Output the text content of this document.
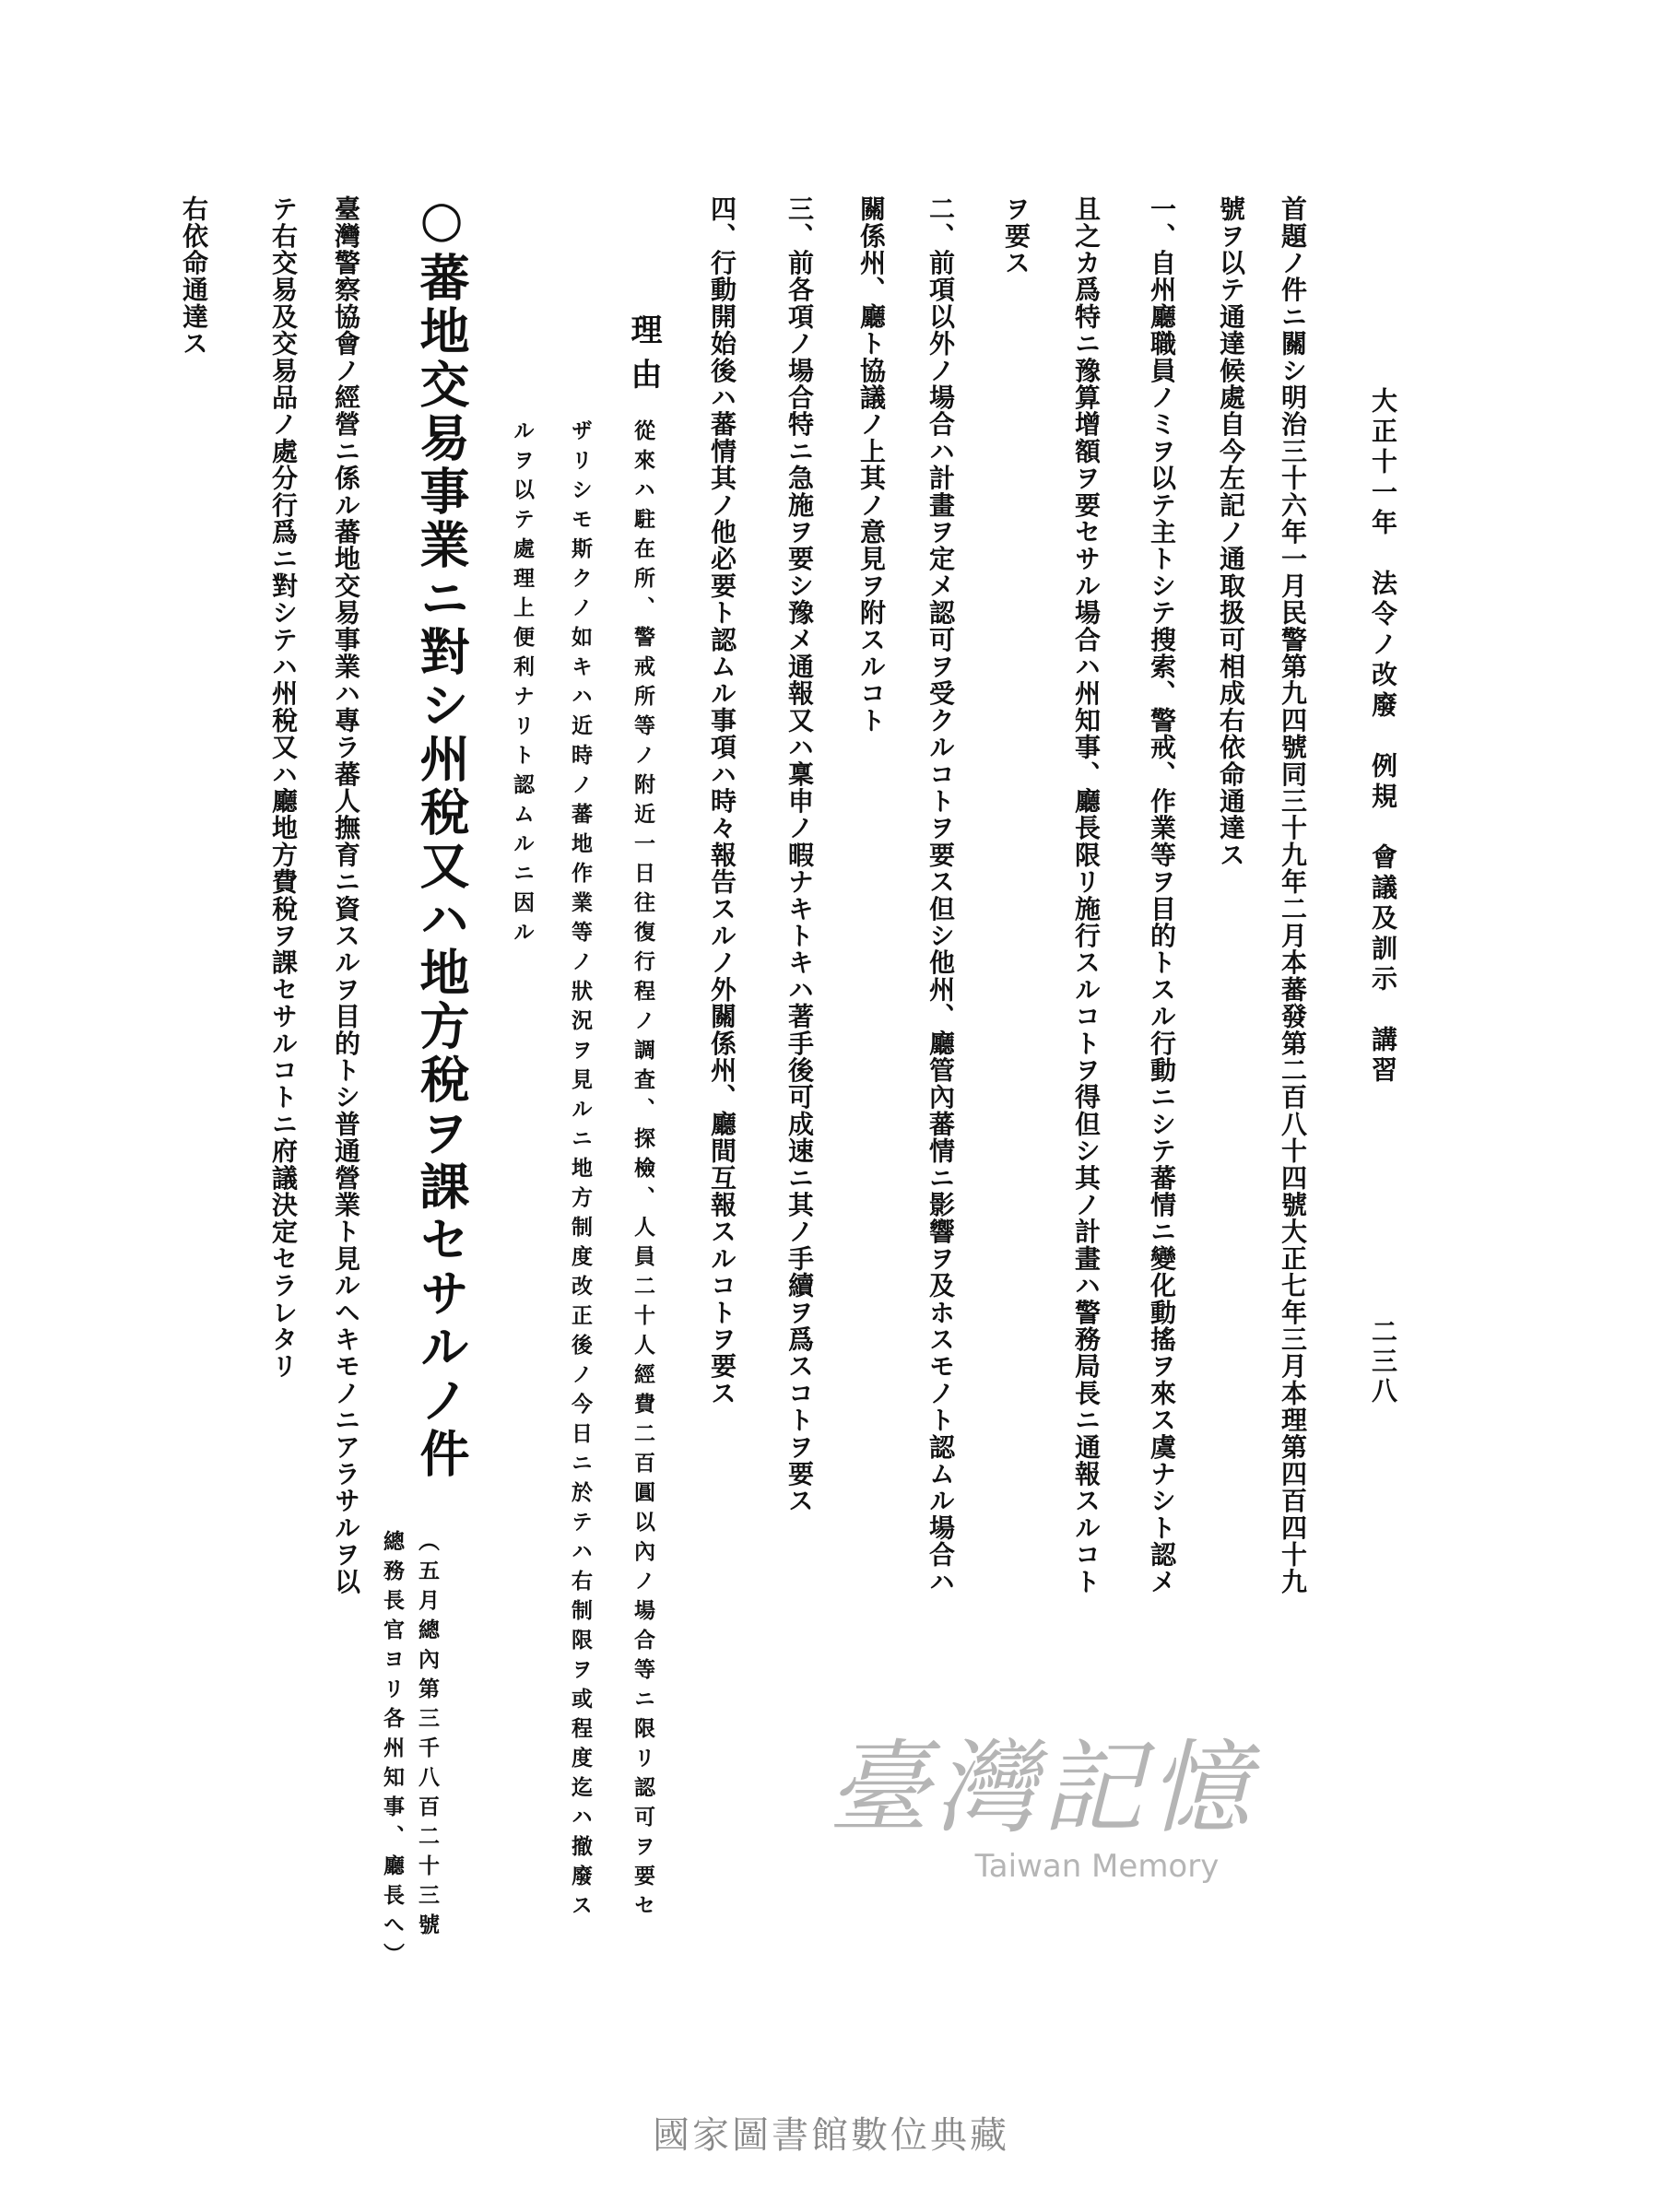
大正十一年　法令ノ改廢　例規　會議及訓示　講習
二三八
首題ノ件ニ關シ明治三十六年一月民警第九四號同三十九年二月本蕃發第二百八十四號大正七年三月本理第四百四十九
號ヲ以テ通達候處自今左記ノ通取扱可相成右依命通達ス
一、自州廳職員ノミヲ以テ主トシテ搜索、警戒、作業等ヲ目的トスル行動ニシテ蕃情ニ變化動搖ヲ來ス虞ナシト認メ
且之カ爲特ニ豫算增額ヲ要セサル場合ハ州知事、廳長限リ施行スルコトヲ得但シ其ノ計畫ハ警務局長ニ通報スルコト
ヲ要ス
二、前項以外ノ場合ハ計畫ヲ定メ認可ヲ受クルコトヲ要ス但シ他州、廳管內蕃情ニ影響ヲ及ホスモノト認ムル場合ハ
關係州、廳ト協議ノ上其ノ意見ヲ附スルコト
三、前各項ノ場合特ニ急施ヲ要シ豫メ通報又ハ稟申ノ暇ナキトキハ著手後可成速ニ其ノ手續ヲ爲スコトヲ要ス
四、行動開始後ハ蕃情其ノ他必要ト認ムル事項ハ時々報告スルノ外關係州、廳間互報スルコトヲ要ス
理由
從來ハ駐在所、警戒所等ノ附近一日往復行程ノ調査、探檢、人員二十人經費二百圓以內ノ場合等ニ限リ認可ヲ要セ
ザリシモ斯クノ如キハ近時ノ蕃地作業等ノ狀況ヲ見ルニ地方制度改正後ノ今日ニ於テハ右制限ヲ或程度迄ハ撤廢ス
ルヲ以テ處理上便利ナリト認ムルニ因ル
○蕃地交易事業ニ對シ州稅又ハ地方稅ヲ課セサルノ件
（五月總內第三千八百二十三號
總務長官ヨリ各州知事、廳長へ）
臺灣警察協會ノ經營ニ係ル蕃地交易事業ハ專ラ蕃人撫育ニ資スルヲ目的トシ普通營業ト見ルヘキモノニアラサルヲ以
テ右交易及交易品ノ處分行爲ニ對シテハ州稅又ハ廳地方費稅ヲ課セサルコトニ府議決定セラレタリ
右依命通達ス
臺灣記憶
Taiwan Memory
國家圖書館數位典藏
